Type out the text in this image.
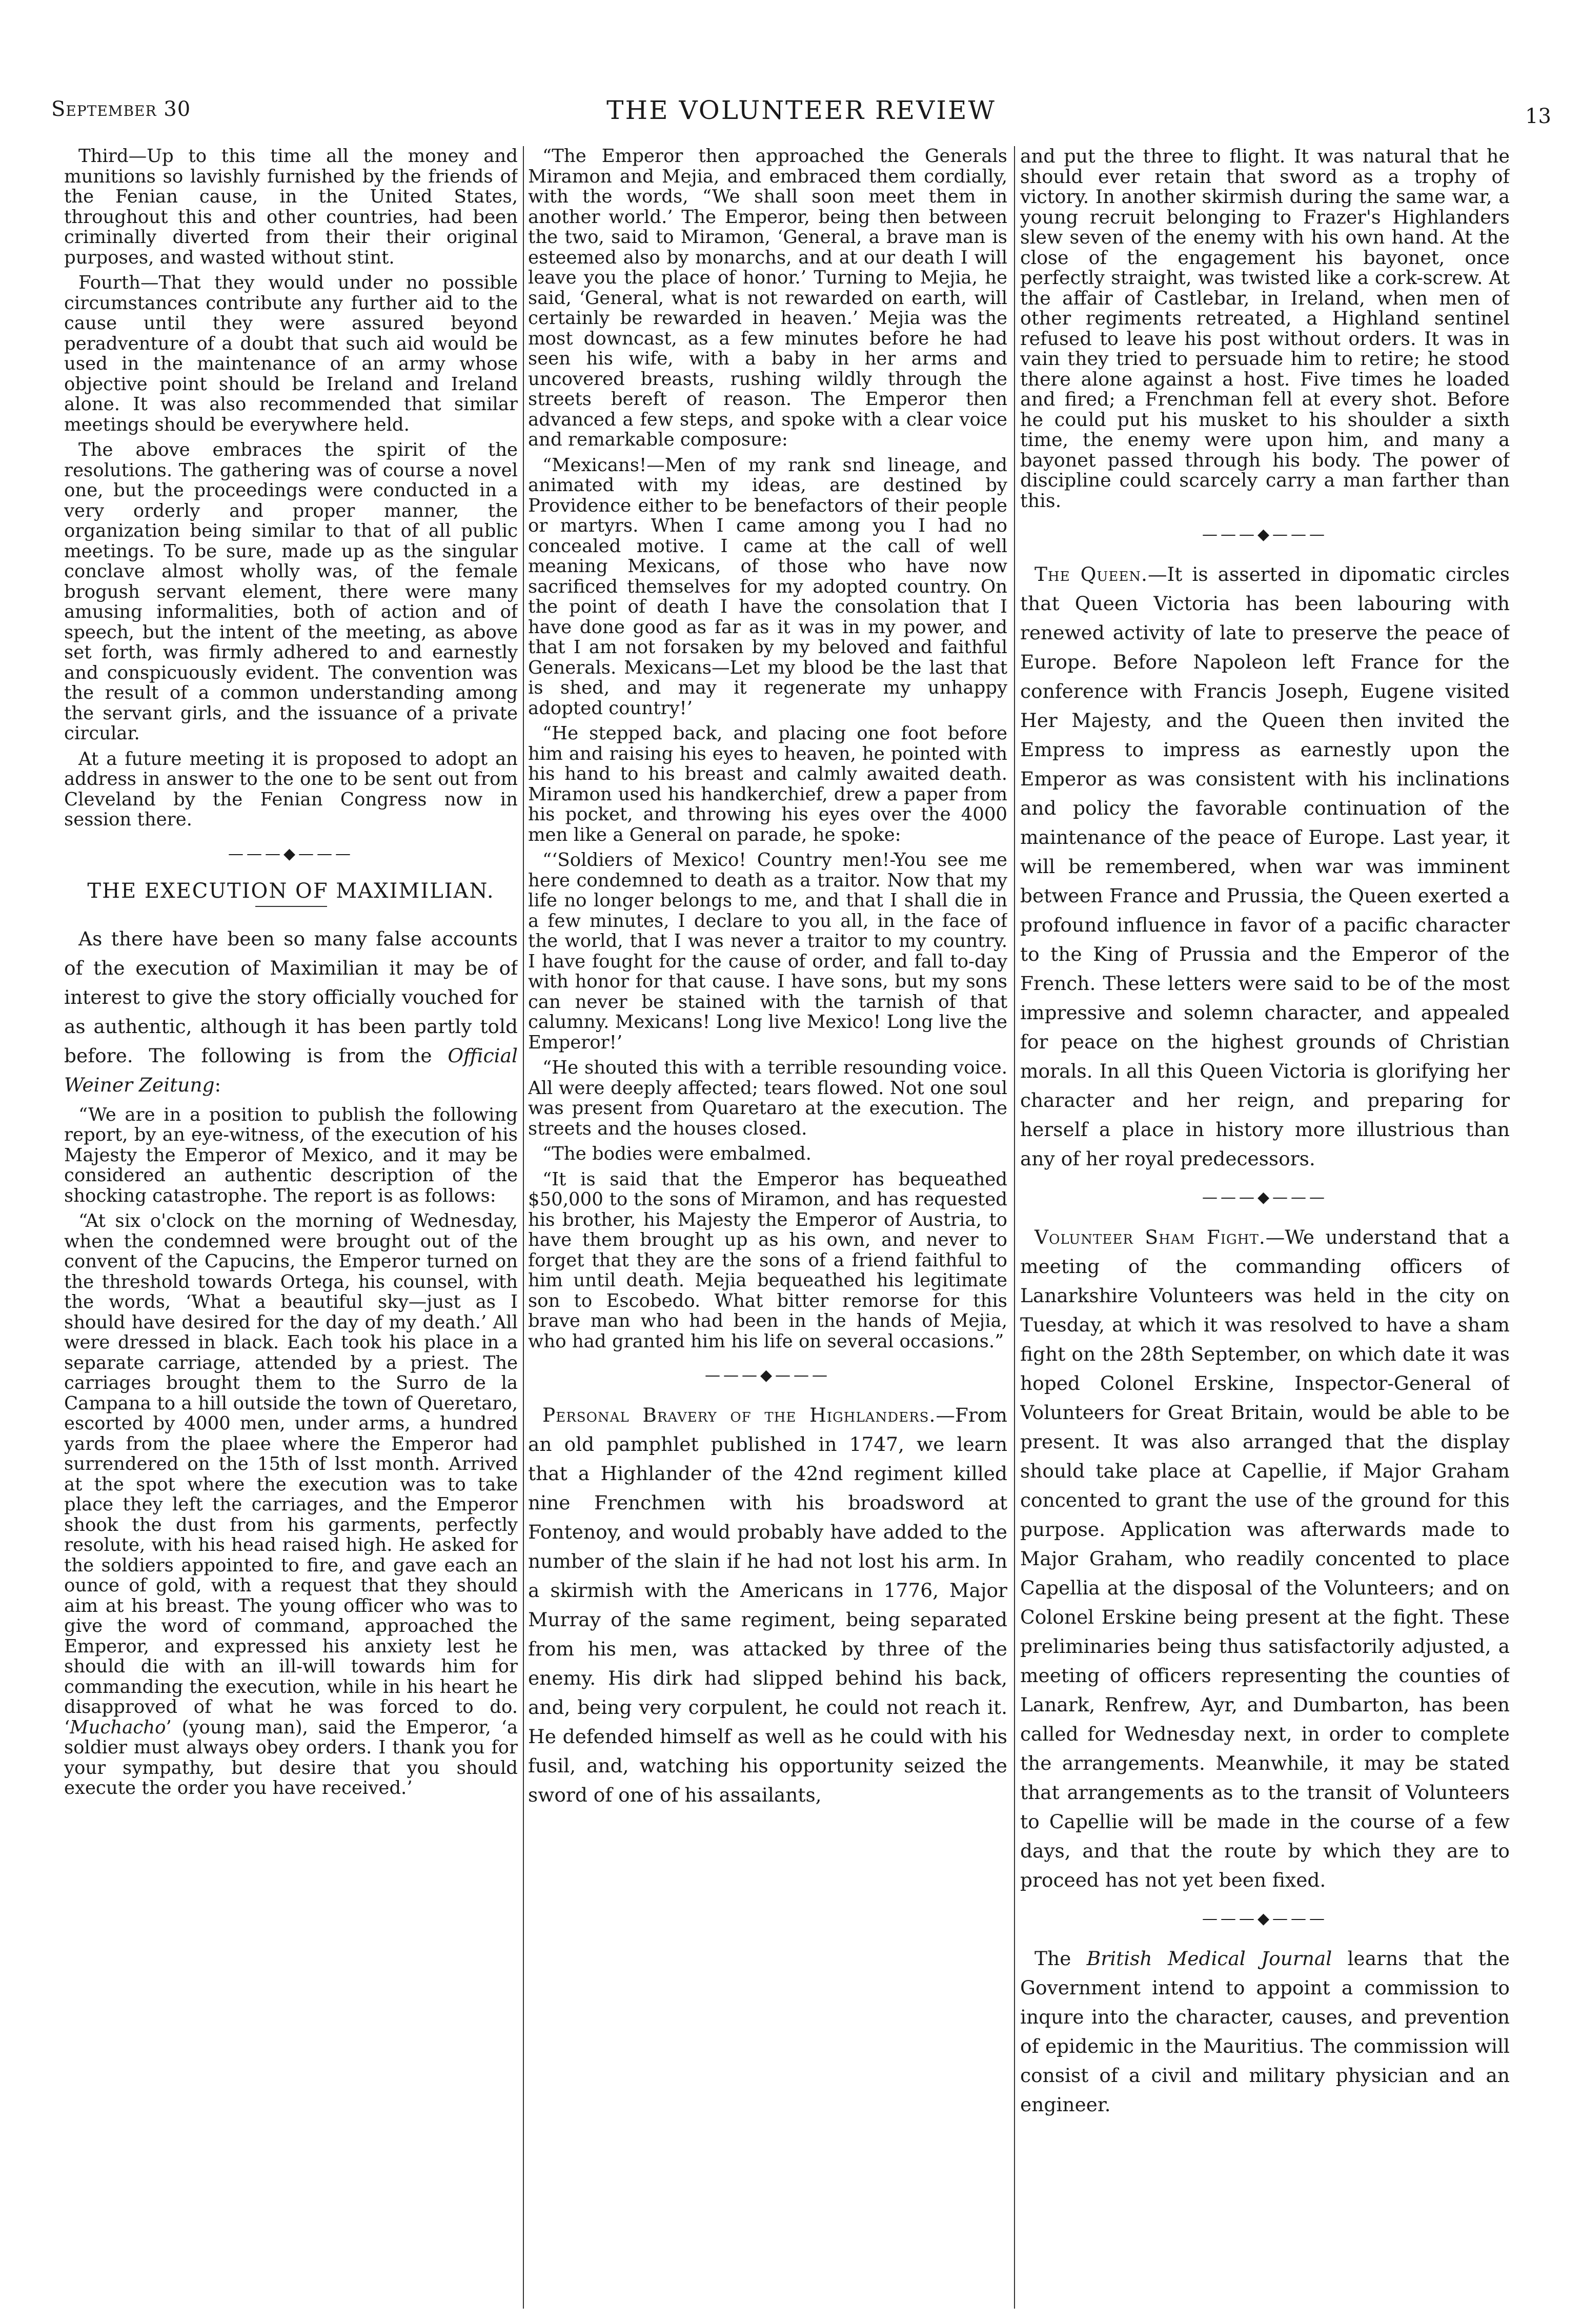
September 30	THE VOLUNTEER REVIEW	13

Third—Up to this time all the money and munitions so lavishly furnished by the friends of the Fenian cause, in the United States, throughout this and other countries, had been criminally diverted from their their original purposes, and wasted without stint.

Fourth—That they would under no possible circumstances contribute any further aid to the cause until they were assured beyond peradventure of a doubt that such aid would be used in the maintenance of an army whose objective point should be Ireland and Ireland alone. It was also recommended that similar meetings should be everywhere held.

The above embraces the spirit of the resolutions. The gathering was of course a novel one, but the proceedings were conducted in a very orderly and proper manner, the organization being similar to that of all public meetings. To be sure, made up as the singular conclave almost wholly was, of the female brogush servant element, there were many amusing informalities, both of action and of speech, but the intent of the meeting, as above set forth, was firmly adhered to and earnestly and conspicuously evident. The convention was the result of a common understanding among the servant girls, and the issuance of a private circular.

At a future meeting it is proposed to adopt an address in answer to the one to be sent out from Cleveland by the Fenian Congress now in session there.

———◆———
THE EXECUTION OF MAXIMILIAN.

As there have been so many false accounts of the execution of Maximilian it may be of interest to give the story officially vouched for as authentic, although it has been partly told before. The following is from the Official Weiner Zeitung:

“We are in a position to publish the following report, by an eye-witness, of the execution of his Majesty the Emperor of Mexico, and it may be considered an authentic description of the shocking catastrophe. The report is as follows:

“At six o'clock on the morning of Wednesday, when the condemned were brought out of the convent of the Capucins, the Emperor turned on the threshold towards Ortega, his counsel, with the words, ‘What a beautiful sky—just as I should have desired for the day of my death.’ All were dressed in black. Each took his place in a separate carriage, attended by a priest. The carriages brought them to the Surro de la Campana to a hill outside the town of Queretaro, escorted by 4000 men, under arms, a hundred yards from the plaee where the Emperor had surrendered on the 15th of lsst month. Arrived at the spot where the execution was to take place they left the carriages, and the Emperor shook the dust from his garments, perfectly resolute, with his head raised high. He asked for the soldiers appointed to fire, and gave each an ounce of gold, with a request that they should aim at his breast. The young officer who was to give the word of command, approached the Emperor, and expressed his anxiety lest he should die with an ill-will towards him for commanding the execution, while in his heart he disapproved of what he was forced to do. ‘Muchacho’ (young man), said the Emperor, ‘a soldier must always obey orders. I thank you for your sympathy, but desire that you should execute the order you have received.’

“The Emperor then approached the Generals Miramon and Mejia, and embraced them cordially, with the words, “We shall soon meet them in another world.’ The Emperor, being then between the two, said to Miramon, ‘General, a brave man is esteemed also by monarchs, and at our death I will leave you the place of honor.’ Turning to Mejia, he said, ‘General, what is not rewarded on earth, will certainly be rewarded in heaven.’ Mejia was the most downcast, as a few minutes before he had seen his wife, with a baby in her arms and uncovered breasts, rushing wildly through the streets bereft of reason. The Emperor then advanced a few steps, and spoke with a clear voice and remarkable composure:

“Mexicans!—Men of my rank snd lineage, and animated with my ideas, are destined by Providence either to be benefactors of their people or martyrs. When I came among you I had no concealed motive. I came at the call of well meaning Mexicans, of those who have now sacrificed themselves for my adopted country. On the point of death I have the consolation that I have done good as far as it was in my power, and that I am not forsaken by my beloved and faithful Generals. Mexicans—Let my blood be the last that is shed, and may it regenerate my unhappy adopted country!’

“He stepped back, and placing one foot before him and raising his eyes to heaven, he pointed with his hand to his breast and calmly awaited death. Miramon used his handkerchief, drew a paper from his pocket, and throwing his eyes over the 4000 men like a General on parade, he spoke:

“‘Soldiers of Mexico! Country men!-You see me here condemned to death as a traitor. Now that my life no longer belongs to me, and that I shall die in a few minutes, I declare to you all, in the face of the world, that I was never a traitor to my country. I have fought for the cause of order, and fall to-day with honor for that cause. I have sons, but my sons can never be stained with the tarnish of that calumny. Mexicans! Long live Mexico! Long live the Emperor!’

“He shouted this with a terrible resounding voice. All were deeply affected; tears flowed. Not one soul was present from Quaretaro at the execution. The streets and the houses closed.

“The bodies were embalmed.

“It is said that the Emperor has bequeathed $50,000 to the sons of Miramon, and has requested his brother, his Majesty the Emperor of Austria, to have them brought up as his own, and never to forget that they are the sons of a friend faithful to him until death. Mejia bequeathed his legitimate son to Escobedo. What bitter remorse for this brave man who had been in the hands of Mejia, who had granted him his life on several occasions.”

———◆———

Personal Bravery of the Highlanders.—From an old pamphlet published in 1747, we learn that a Highlander of the 42nd regiment killed nine Frenchmen with his broadsword at Fontenoy, and would probably have added to the number of the slain if he had not lost his arm. In a skirmish with the Americans in 1776, Major Murray of the same regiment, being separated from his men, was attacked by three of the enemy. His dirk had slipped behind his back, and, being very corpulent, he could not reach it. He defended himself as well as he could with his fusil, and, watching his opportunity seized the sword of one of his assailants,

and put the three to flight. It was natural that he should ever retain that sword as a trophy of victory. In another skirmish during the same war, a young recruit belonging to Frazer's Highlanders slew seven of the enemy with his own hand. At the close of the engagement his bayonet, once perfectly straight, was twisted like a cork-screw. At the affair of Castlebar, in Ireland, when men of other regiments retreated, a Highland sentinel refused to leave his post without orders. It was in vain they tried to persuade him to retire; he stood there alone against a host. Five times he loaded and fired; a Frenchman fell at every shot. Before he could put his musket to his shoulder a sixth time, the enemy were upon him, and many a bayonet passed through his body. The power of discipline could scarcely carry a man farther than this.

———◆———

The Queen.—It is asserted in dipomatic circles that Queen Victoria has been labouring with renewed activity of late to preserve the peace of Europe. Before Napoleon left France for the conference with Francis Joseph, Eugene visited Her Majesty, and the Queen then invited the Empress to impress as earnestly upon the Emperor as was consistent with his inclinations and policy the favorable continuation of the maintenance of the peace of Europe. Last year, it will be remembered, when war was imminent between France and Prussia, the Queen exerted a profound influence in favor of a pacific character to the King of Prussia and the Emperor of the French. These letters were said to be of the most impressive and solemn character, and appealed for peace on the highest grounds of Christian morals. In all this Queen Victoria is glorifying her character and her reign, and preparing for herself a place in history more illustrious than any of her royal predecessors.

———◆———

Volunteer Sham Fight.—We understand that a meeting of the commanding officers of Lanarkshire Volunteers was held in the city on Tuesday, at which it was resolved to have a sham fight on the 28th September, on which date it was hoped Colonel Erskine, Inspector-General of Volunteers for Great Britain, would be able to be present. It was also arranged that the display should take place at Capellie, if Major Graham concented to grant the use of the ground for this purpose. Application was afterwards made to Major Graham, who readily concented to place Capellia at the disposal of the Volunteers; and on Colonel Erskine being present at the fight. These preliminaries being thus satisfactorily adjusted, a meeting of officers representing the counties of Lanark, Renfrew, Ayr, and Dumbarton, has been called for Wednesday next, in order to complete the arrangements. Meanwhile, it may be stated that arrangements as to the transit of Volunteers to Capellie will be made in the course of a few days, and that the route by which they are to proceed has not yet been fixed.

———◆———

The British Medical Journal learns that the Government intend to appoint a commission to inqure into the character, causes, and prevention of epidemic in the Mauritius. The commission will consist of a civil and military physician and an engineer.
